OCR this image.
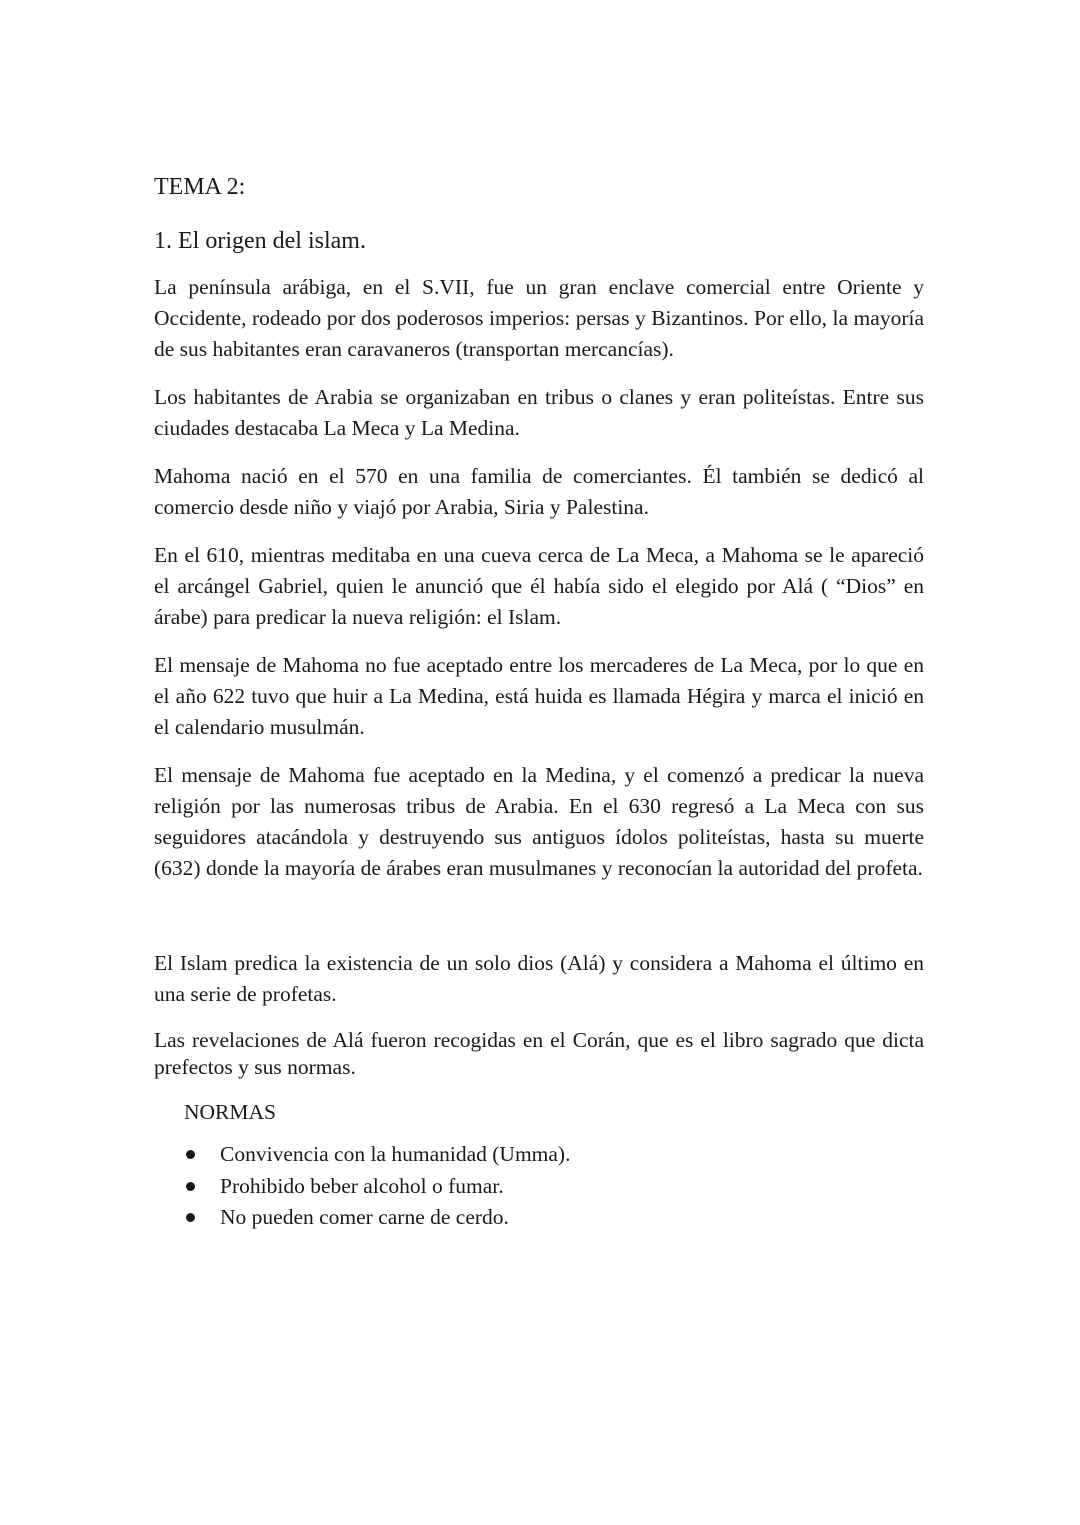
TEMA 2:
1. El origen del islam.

La península arábiga, en el S.VII, fue un gran enclave comercial entre Oriente y Occidente, rodeado por dos poderosos imperios: persas y Bizantinos. Por ello, la mayoría de sus habitantes eran caravaneros (transportan mercancías).

Los habitantes de Arabia se organizaban en tribus o clanes y eran politeístas. Entre sus ciudades destacaba La Meca y La Medina.

Mahoma nació en el 570 en una familia de comerciantes. Él también se dedicó al comercio desde niño y viajó por Arabia, Siria y Palestina.

En el 610, mientras meditaba en una cueva cerca de La Meca, a Mahoma se le apareció el arcángel Gabriel, quien le anunció que él había sido el elegido por Alá ( “Dios” en árabe) para predicar la nueva religión: el Islam.

El mensaje de Mahoma no fue aceptado entre los mercaderes de La Meca, por lo que en el año 622 tuvo que huir a La Medina, está huida es llamada Hégira y marca el inició en el calendario musulmán.

El mensaje de Mahoma fue aceptado en la Medina, y el comenzó a predicar la nueva religión por las numerosas tribus de Arabia. En el 630 regresó a La Meca con sus seguidores atacándola y destruyendo sus antiguos ídolos politeístas, hasta su muerte (632) donde la mayoría de árabes eran musulmanes y reconocían la autoridad del profeta.

El Islam predica la existencia de un solo dios (Alá) y considera a Mahoma el último en una serie de profetas.

Las revelaciones de Alá fueron recogidas en el Corán, que es el libro sagrado que dicta prefectos y sus normas.

NORMAS
Convivencia con la humanidad (Umma).
Prohibido beber alcohol o fumar.
No pueden comer carne de cerdo.
